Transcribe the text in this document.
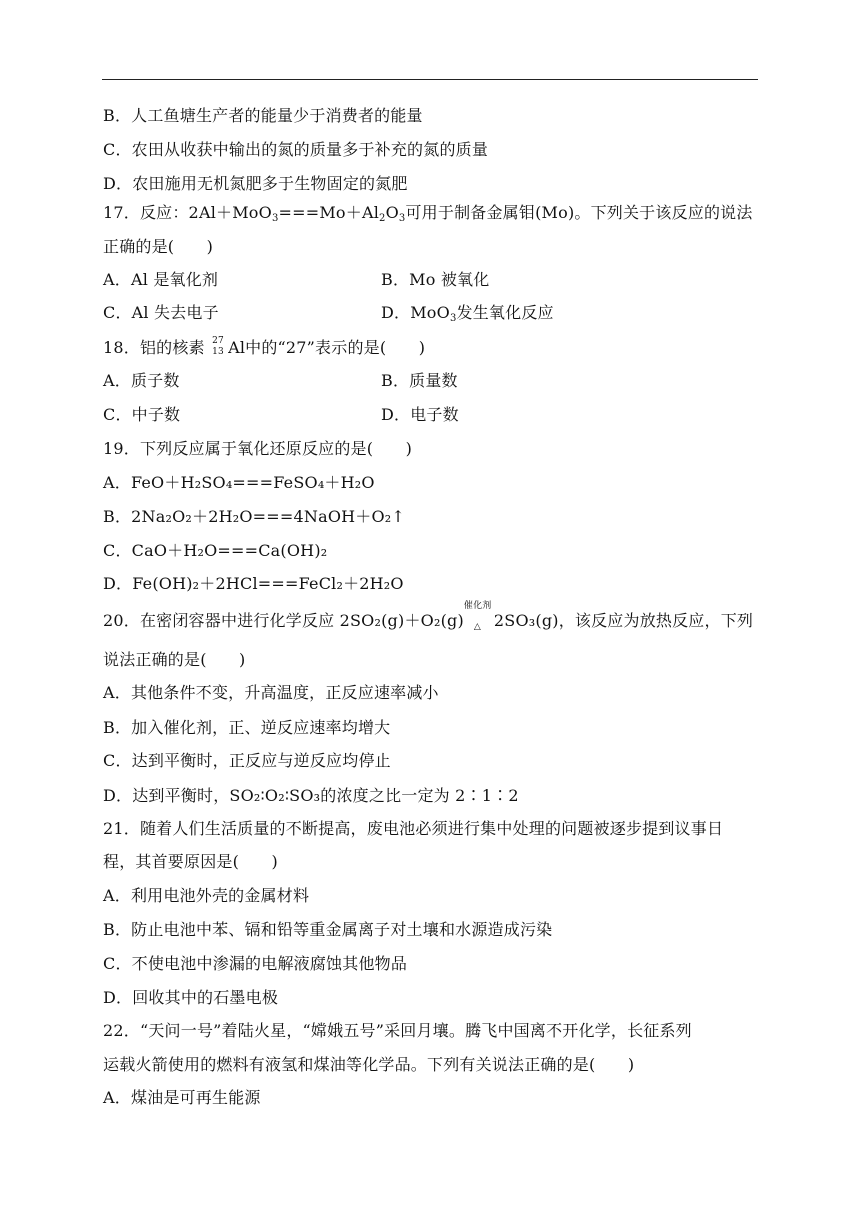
B．人工鱼塘生产者的能量少于消费者的能量
C．农田从收获中输出的氮的质量多于补充的氮的质量
D．农田施用无机氮肥多于生物固定的氮肥
17．反应：$2Al+MoO_3===Mo+Al_2O_3$可用于制备金属钼(Mo)。下列关于该反应的说法
正确的是(　　)
A．Al 是氧化剂	B．Mo 被氧化
C．Al 失去电子	D．MoO$_3$发生氧化反应
18．铝的核素 27
13 Al中的“27”表示的是(　　)
A．质子数	B．质量数
C．中子数	D．电子数
19．下列反应属于氧化还原反应的是(　　)
A．FeO＋H₂SO₄===FeSO₄＋H₂O
B．2Na₂O₂＋2H₂O===4NaOH＋O₂↑
C．CaO＋H₂O===Ca(OH)₂
D．Fe(OH)₂＋2HCl===FeCl₂＋2H₂O
20．在密闭容器中进行化学反应 2SO₂(g)＋O₂(g)
催化剂
△ 2SO₃(g)，该反应为放热反应，下列
说法正确的是(　　)
A．其他条件不变，升高温度，正反应速率减小
B．加入催化剂，正、逆反应速率均增大
C．达到平衡时，正反应与逆反应均停止
D．达到平衡时，SO₂∶O₂∶SO₃的浓度之比一定为 2∶1∶2
21．随着人们生活质量的不断提高，废电池必须进行集中处理的问题被逐步提到议事日
程，其首要原因是(　　)
A．利用电池外壳的金属材料
B．防止电池中苯、镉和铅等重金属离子对土壤和水源造成污染
C．不使电池中渗漏的电解液腐蚀其他物品
D．回收其中的石墨电极
22．“天问一号”着陆火星，“嫦娥五号”采回月壤。腾飞中国离不开化学，长征系列
运载火箭使用的燃料有液氢和煤油等化学品。下列有关说法正确的是(　　)
A．煤油是可再生能源
